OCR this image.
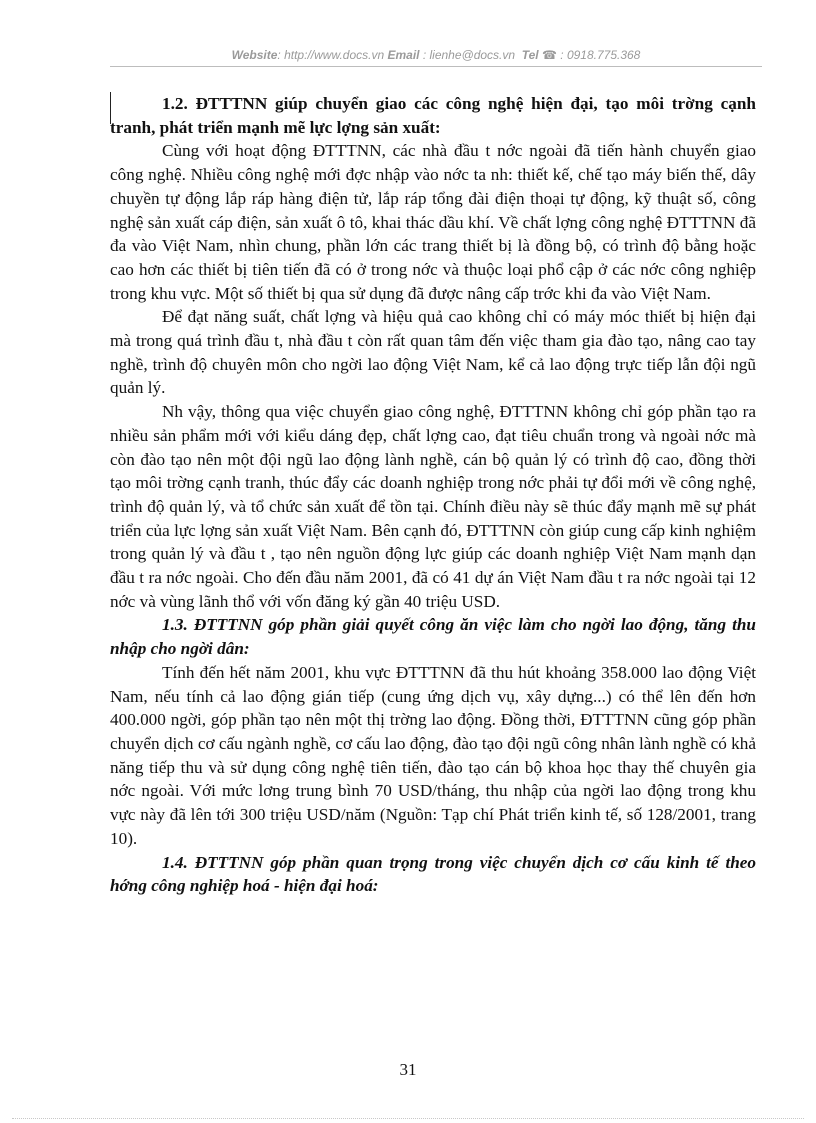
Website: http://www.docs.vn Email : lienhe@docs.vn Tel ☎ : 0918.775.368

1.2. ĐTTTNN giúp chuyển giao các công nghệ hiện đại, tạo môi trờng cạnh tranh, phát triển mạnh mẽ lực lợng sản xuất:

Cùng với hoạt động ĐTTTNN, các nhà đầu t nớc ngoài đã tiến hành chuyển giao công nghệ. Nhiều công nghệ mới đợc nhập vào nớc ta nh: thiết kế, chế tạo máy biến thế, dây chuyền tự động lắp ráp hàng điện tử, lắp ráp tổng đài điện thoại tự động, kỹ thuật số, công nghệ sản xuất cáp điện, sản xuất ô tô, khai thác dầu khí. Về chất lợng công nghệ ĐTTTNN đã đa vào Việt Nam, nhìn chung, phần lớn các trang thiết bị là đồng bộ, có trình độ bằng hoặc cao hơn các thiết bị tiên tiến đã có ở trong nớc và thuộc loại phổ cập ở các nớc công nghiệp trong khu vực. Một số thiết bị qua sử dụng đã được nâng cấp trớc khi đa vào Việt Nam.

Để đạt năng suất, chất lợng và hiệu quả cao không chỉ có máy móc thiết bị hiện đại mà trong quá trình đầu t, nhà đầu t còn rất quan tâm đến việc tham gia đào tạo, nâng cao tay nghề, trình độ chuyên môn cho ngời lao động Việt Nam, kể cả lao động trực tiếp lẫn đội ngũ quản lý.

Nh vậy, thông qua việc chuyển giao công nghệ, ĐTTTNN không chỉ góp phần tạo ra nhiều sản phẩm mới với kiểu dáng đẹp, chất lợng cao, đạt tiêu chuẩn trong và ngoài nớc mà còn đào tạo nên một đội ngũ lao động lành nghề, cán bộ quản lý có trình độ cao, đồng thời tạo môi trờng cạnh tranh, thúc đẩy các doanh nghiệp trong nớc phải tự đổi mới về công nghệ, trình độ quản lý, và tổ chức sản xuất để tồn tại. Chính điều này sẽ thúc đẩy mạnh mẽ sự phát triển của lực lợng sản xuất Việt Nam. Bên cạnh đó, ĐTTTNN còn giúp cung cấp kinh nghiệm trong quản lý và đầu t , tạo nên nguồn động lực giúp các doanh nghiệp Việt Nam mạnh dạn đầu t ra nớc ngoài. Cho đến đầu năm 2001, đã có 41 dự án Việt Nam đầu t ra nớc ngoài tại 12 nớc và vùng lãnh thổ với vốn đăng ký gần 40 triệu USD.

1.3. ĐTTTNN góp phần giải quyết công ăn việc làm cho ngời lao động, tăng thu nhập cho ngời dân:

Tính đến hết năm 2001, khu vực ĐTTTNN đã thu hút khoảng 358.000 lao động Việt Nam, nếu tính cả lao động gián tiếp (cung ứng dịch vụ, xây dựng...) có thể lên đến hơn 400.000 ngời, góp phần tạo nên một thị trờng lao động. Đồng thời, ĐTTTNN cũng góp phần chuyển dịch cơ cấu ngành nghề, cơ cấu lao động, đào tạo đội ngũ công nhân lành nghề có khả năng tiếp thu và sử dụng công nghệ tiên tiến, đào tạo cán bộ khoa học thay thế chuyên gia nớc ngoài. Với mức lơng trung bình 70 USD/tháng, thu nhập của ngời lao động trong khu vực này đã lên tới 300 triệu USD/năm (Nguồn: Tạp chí Phát triển kinh tế, số 128/2001, trang 10).

1.4. ĐTTTNN góp phần quan trọng trong việc chuyển dịch cơ cấu kinh tế theo hớng công nghiệp hoá - hiện đại hoá:

31
